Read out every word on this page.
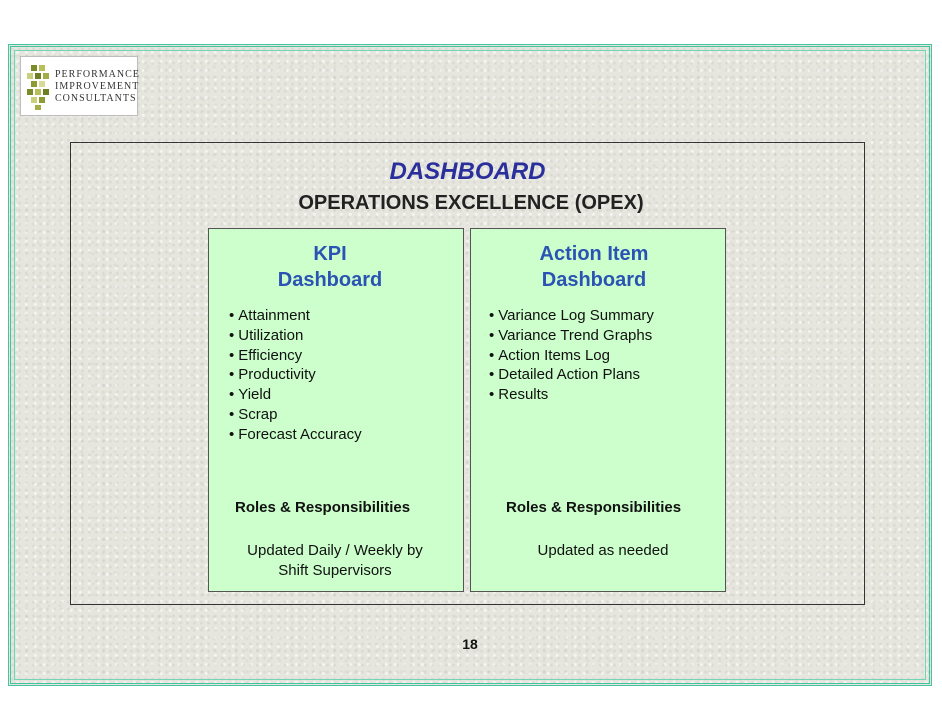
PERFORMANCE
IMPROVEMENT
CONSULTANTS
DASHBOARD
OPERATIONS EXCELLENCE (OPEX)
KPI
Dashboard
• Attainment
• Utilization
• Efficiency
• Productivity
• Yield
• Scrap
• Forecast Accuracy
Roles & Responsibilities
Updated Daily / Weekly by
Shift Supervisors
Action Item
Dashboard
• Variance Log Summary
• Variance Trend Graphs
• Action Items Log
• Detailed Action Plans
• Results
Roles & Responsibilities
Updated as needed
18
